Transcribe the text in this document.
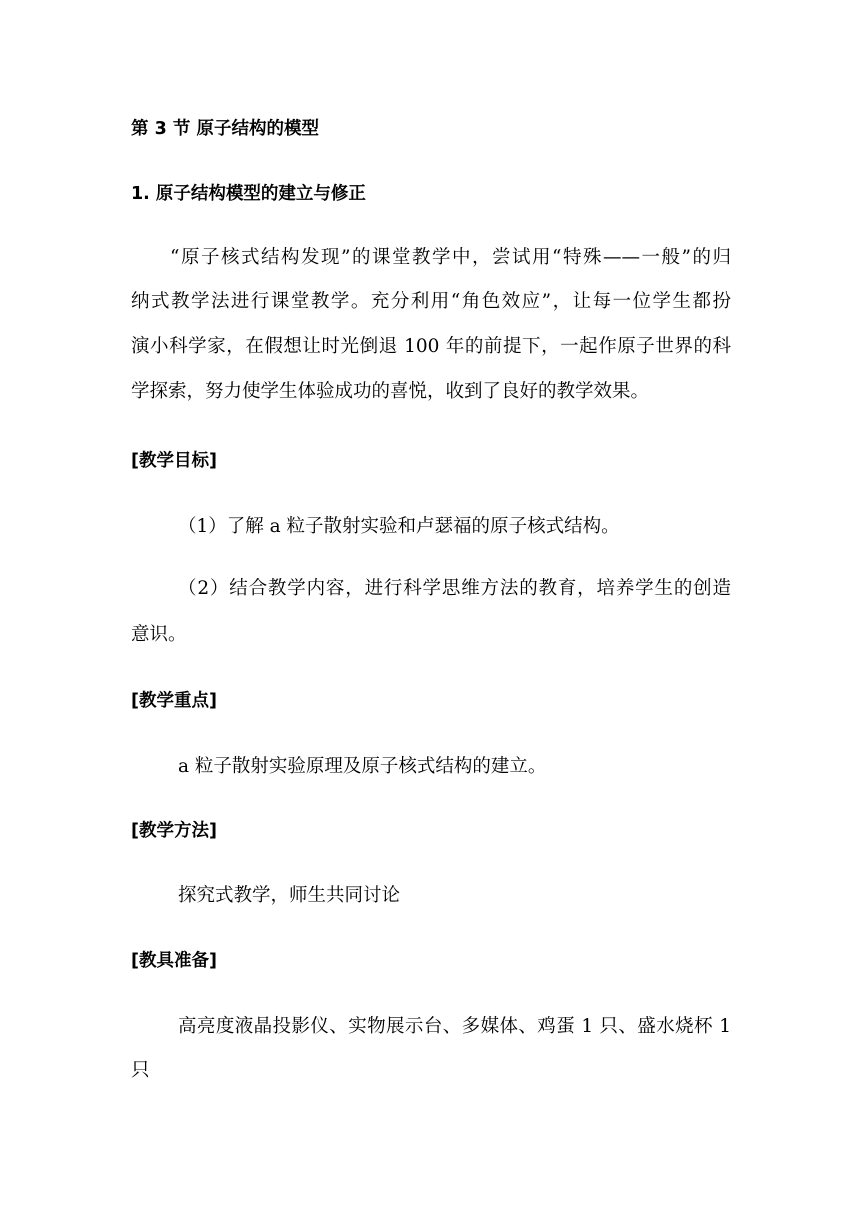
第 3 节 原子结构的模型
1. 原子结构模型的建立与修正
“原子核式结构发现”的课堂教学中，尝试用“特殊——一般”的归
纳式教学法进行课堂教学。充分利用“角色效应”，让每一位学生都扮
演小科学家，在假想让时光倒退 100 年的前提下，一起作原子世界的科
学探索，努力使学生体验成功的喜悦，收到了良好的教学效果。
[教学目标]
（1）了解 a 粒子散射实验和卢瑟福的原子核式结构。
（2）结合教学内容，进行科学思维方法的教育，培养学生的创造
意识。
[教学重点]
a 粒子散射实验原理及原子核式结构的建立。
[教学方法]
探究式教学，师生共同讨论
[教具准备]
高亮度液晶投影仪、实物展示台、多媒体、鸡蛋 1 只、盛水烧杯 1
只
